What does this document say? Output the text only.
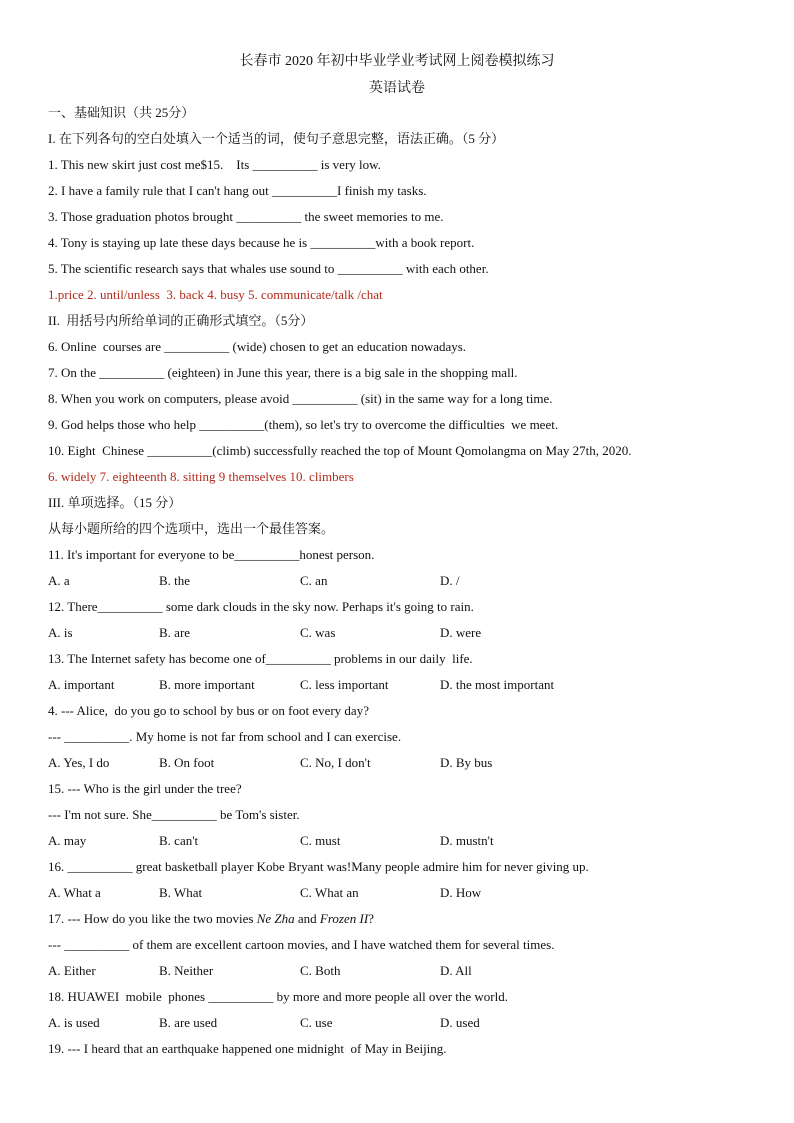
长春市 2020 年初中毕业学业考试网上阅卷模拟练习
英语试卷
一、基础知识（共 25分）
I. 在下列各句的空白处填入一个适当的词，使句子意思完整，语法正确。（5 分）
1. This new skirt just cost me$15.    Its __________ is very low.
2. I have a family rule that I can't hang out __________I finish my tasks.
3. Those graduation photos brought __________ the sweet memories to me.
4. Tony is staying up late these days because he is __________with a book report.
5. The scientific research says that whales use sound to __________ with each other.
1.price 2. until/unless  3. back 4. busy 5. communicate/talk /chat
II.  用括号内所给单词的正确形式填空。（5分）
6. Online  courses are __________ (wide) chosen to get an education nowadays.
7. On the __________ (eighteen) in June this year, there is a big sale in the shopping mall.
8. When you work on computers, please avoid __________ (sit) in the same way for a long time.
9. God helps those who help __________(them), so let's try to overcome the difficulties  we meet.
10. Eight  Chinese __________(climb) successfully reached the top of Mount Qomolangma on May 27th, 2020.
6. widely 7. eighteenth 8. sitting 9 themselves 10. climbers
III. 单项选择。（15 分）
从每小题所给的四个选项中，选出一个最佳答案。
11. It's important for everyone to be__________honest person.
A. a	B. the	C. an	D. /
12. There__________ some dark clouds in the sky now. Perhaps it's going to rain.
A. is	B. are	C. was	D. were
13. The Internet safety has become one of__________ problems in our daily  life.
A. important	B. more important	C. less important	D. the most important
4. --- Alice,  do you go to school by bus or on foot every day?
--- __________. My home is not far from school and I can exercise.
A. Yes, I do	B. On foot	C. No, I don't	D. By bus
15. --- Who is the girl under the tree?
--- I'm not sure. She__________ be Tom's sister.
A. may	B. can't	C. must	D. mustn't
16. __________ great basketball player Kobe Bryant was!Many people admire him for never giving up.
A. What a	B. What	C. What an	D. How
17. --- How do you like the two movies Ne Zha and Frozen II?
--- __________ of them are excellent cartoon movies, and I have watched them for several times.
A. Either	B. Neither	C. Both	D. All
18. HUAWEI  mobile  phones __________ by more and more people all over the world.
A. is used	B. are used	C. use	D. used
19. --- I heard that an earthquake happened one midnight  of May in Beijing.
